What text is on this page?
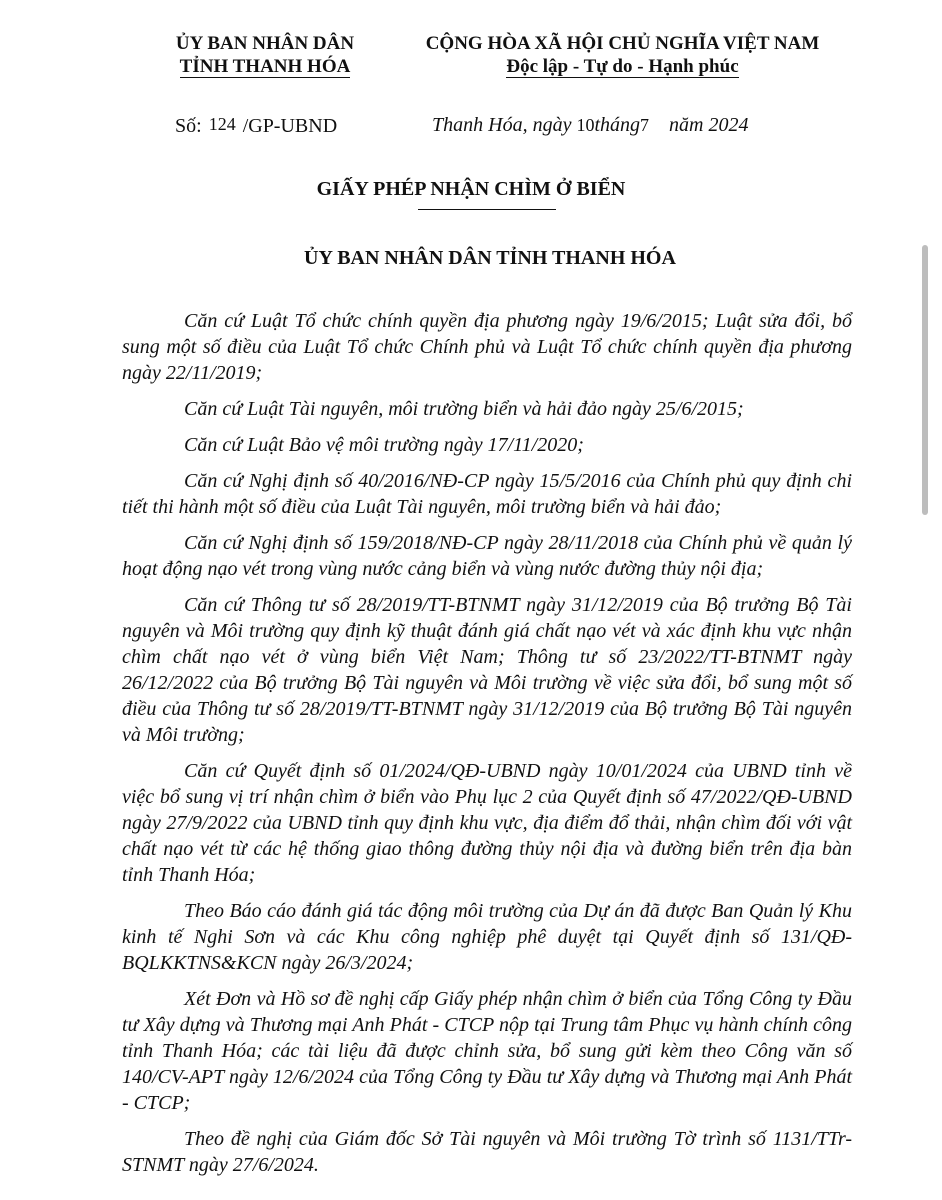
ỦY BAN NHÂN DÂN
TỈNH THANH HÓA
CỘNG HÒA XÃ HỘI CHỦ NGHĨA VIỆT NAM
Độc lập - Tự do - Hạnh phúc
Số: 124 /GP-UBND	Thanh Hóa, ngày 10tháng7 năm 2024
GIẤY PHÉP NHẬN CHÌM Ở BIỂN
ỦY BAN NHÂN DÂN TỈNH THANH HÓA

Căn cứ Luật Tổ chức chính quyền địa phương ngày 19/6/2015; Luật sửa đổi, bổ sung một số điều của Luật Tổ chức Chính phủ và Luật Tổ chức chính quyền địa phương ngày 22/11/2019;

Căn cứ Luật Tài nguyên, môi trường biển và hải đảo ngày 25/6/2015;

Căn cứ Luật Bảo vệ môi trường ngày 17/11/2020;

Căn cứ Nghị định số 40/2016/NĐ-CP ngày 15/5/2016 của Chính phủ quy định chi tiết thi hành một số điều của Luật Tài nguyên, môi trường biển và hải đảo;

Căn cứ Nghị định số 159/2018/NĐ-CP ngày 28/11/2018 của Chính phủ về quản lý hoạt động nạo vét trong vùng nước cảng biển và vùng nước đường thủy nội địa;

Căn cứ Thông tư số 28/2019/TT-BTNMT ngày 31/12/2019 của Bộ trưởng Bộ Tài nguyên và Môi trường quy định kỹ thuật đánh giá chất nạo vét và xác định khu vực nhận chìm chất nạo vét ở vùng biển Việt Nam; Thông tư số 23/2022/TT-BTNMT ngày 26/12/2022 của Bộ trưởng Bộ Tài nguyên và Môi trường về việc sửa đổi, bổ sung một số điều của Thông tư số 28/2019/TT-BTNMT ngày 31/12/2019 của Bộ trưởng Bộ Tài nguyên và Môi trường;

Căn cứ Quyết định số 01/2024/QĐ-UBND ngày 10/01/2024 của UBND tỉnh về việc bổ sung vị trí nhận chìm ở biển vào Phụ lục 2 của Quyết định số 47/2022/QĐ-UBND ngày 27/9/2022 của UBND tỉnh quy định khu vực, địa điểm đổ thải, nhận chìm đối với vật chất nạo vét từ các hệ thống giao thông đường thủy nội địa và đường biển trên địa bàn tỉnh Thanh Hóa;

Theo Báo cáo đánh giá tác động môi trường của Dự án đã được Ban Quản lý Khu kinh tế Nghi Sơn và các Khu công nghiệp phê duyệt tại Quyết định số 131/QĐ-BQLKKTNS&KCN ngày 26/3/2024;

Xét Đơn và Hồ sơ đề nghị cấp Giấy phép nhận chìm ở biển của Tổng Công ty Đầu tư Xây dựng và Thương mại Anh Phát - CTCP nộp tại Trung tâm Phục vụ hành chính công tỉnh Thanh Hóa; các tài liệu đã được chỉnh sửa, bổ sung gửi kèm theo Công văn số 140/CV-APT ngày 12/6/2024 của Tổng Công ty Đầu tư Xây dựng và Thương mại Anh Phát - CTCP;

Theo đề nghị của Giám đốc Sở Tài nguyên và Môi trường Tờ trình số 1131/TTr-STNMT ngày 27/6/2024.
